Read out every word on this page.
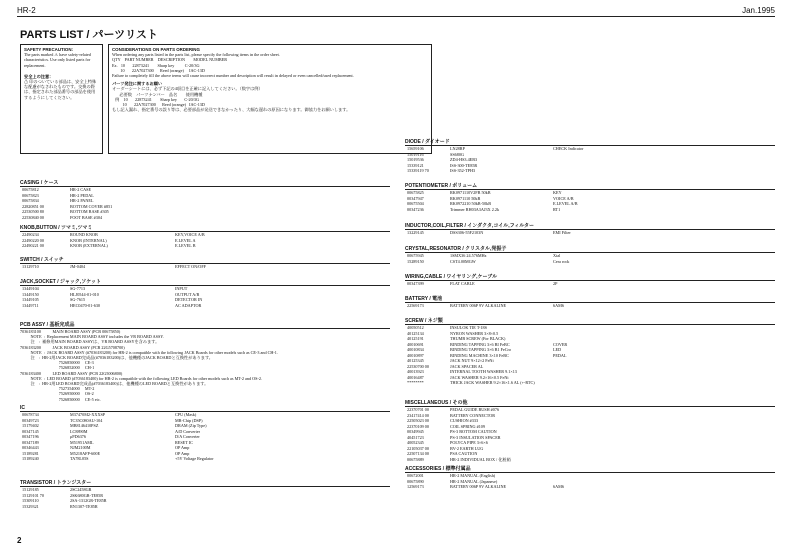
HR-2	Jan.1995
PARTS LIST / パーツリスト

SAFETY PRECAUTION:

The parts marked ⚠ have safety-related characteristics. Use only listed parts for replacement.

安全上の注意：

⚠ 印のついている部品は、安全上特殊な配慮がなされたものです。交換の際は、指定された部品番号の部品を使用するようにしてください。

CONSIDERATIONS ON PARTS ORDERING

When ordering any parts listed in the parts list, please specify the following items in the order sheet.

QTY    PART NUMBER    DESCRIPTION        MODEL NUMBER

Ex.   10       22873241        Sharp key          C-20/3G

10       22A7027300      Reed (orange)     IAC-13D

Failure to completely fill the above terms will cause incorrect number and description will result in delayed or even cancelled/used replacement.

パーツ発注に関するお願い

オーダーシートには、必ず下記の4項目を正確に記入してください。（数字は例）

必要数    パーツナンバー    品名        使用機種

例    10       22873241        Sharp key       C-20/3G

10       22A7027300      Reed (orange)   IAC-13D

もし記入漏れ、指定番号の誤り等は、必要部品が発送できなかったり、大幅な遅れの原因になります。御協力をお願いします。

CASING / ケース
00675812	HR-2 CASE
00675823	HR-2 PEDAL
00675834	HR-2 PANEL
22820851 00	BOTTOM COVER #851
22530500 80	BOTTOM BASE #305
22530840 00	FOOT BASE #304
KNOB,BUTTON / ツマミ,ツマミ
22490234	ROUND KNOB	KEY,VOICE A/B
22490220 00	KNOB (INTERNAL)	E.LEVEL A
22490221 00	KNOB (EXTERNAL)	E.LEVEL B
SWITCH / スイッチ
13129710	JM-0404	EFFECT ON/OFF
JACK,SOCKET / ジャック,ソケット
13449104	SG-7713	INPUT
13449150	HLJ0544-01-010	OUTPUT A/B
13449105	SG-7615	DETECTOR IN
13449711	HEC0470-01-630	AC ADAPTOR
PCB ASSY / 基板完成品
7036183100           MAIN BOARD ASSY (PCB 00675850)
NOTE  :  Replacement MAIN BOARD ASSY includes the VR BOARD ASSY.
注    :  補修用MAIN BOARD ASSYは、VR BOARD ASSYを含みます。
7036183200           JACK BOARD ASSY (PCB 22G5708700)
NOTE  :  JACK BOARD ASSY (#7036183200) for HR-2 is compatible with the following JACK Boards for other models such as CE-3 and CH-1.
注    :  HR-2用JACK BOARD完成品(#7036183200)は、他機種のJACK BOARDと互換性があります。
7526850000     CE-3
7526852000     CH-1
7036183400           LED BOARD ASSY (PCB 22G5006800)
NOTE  :  LED BOARD (#7036183400) for HR-2 is compatible with the following LED Boards for other models such as MT-2 and OS-2.
注    :  HR-2用LED BOARD完成品(#7036183400)は、他機種のLED BOARDと互換性があります。
7527354000     MT-2
7526950000     OS-2
7526850000     CE-5 etc.
IC
00678734	M37470M2-XXXSP	CPU (Mask)
00349723	TC35C080AU-104	MR-Chip (DSP)
15179402	MB8146410PSZ	DRAM (Zip Type)
00347145	LC8890M	A/D Converter
00347196	μPD6376	D/A Converter
00347189	M51951AML	RESET IC
00346443	NJM2100M	OP Amp
15189281	M5218AFP-600E	OP Amp
15189240	TA78L05S	+5V Voltage Regulator
TRANSISTOR / トランジスター
15129185	2SC2458GR
15129101 70	2SK680GR-TE85R
15309110	2SA-1312GR-TE85R
15329321	RN1307-TE85R
DIODE / ダイオード
15659106	LN28RP	CHECK Indicator
15019116	SS680G
15019536	ZD4-HS3.4EB3
15339121	ISS-300-TE85R
15339119 70	ISS-352-TPH3
POTENTIOMETER / ボリューム
00675825	RK0971110V2FB 50kB	KEY
00347947	RK0971110 50kB	VOICE A/B
00675504	RK0972210 50kB-50kB	E.LEVEL A/B
00347236	Trimmer RH03A3AJ3X 2.2k	RT1
INDUCTOR,COIL,FILTER / インダクタ,コイル,フィルター
13229145	DSS306-55F2103N	EMI Filter
CRYSTAL,RESONATOR / クリスタル,発振子
00675945	1SMX36 24.576MHz	Xtal
15289150	CST4.00MGW	Cera rock
WIRING,CABLE / ワイヤリング,ケーブル
00347399	FLAT CABLE	2P
BATTERY / 電池
22569173	BATTERY 006P 9V ALKALINE	6AM6
SCREW / ネジ類
40050512	INSULOK TIE T-18S
40125134	NYRON WASHER 3×8×0.5
40125191	THUMB SCREW (For BLACK)
40010691	BINDING TAPPING 3×6 BI FeBC	COVER
40010834	BINDING TAPPING 3×6 B1 FeCro	LED
40010897	BINDING MACHINE 3×10 FeBC	PEDAL
40125345	JACK NUT 9×12×2 FeNi
22530700 00	JACK SPACER AL
40013923	INTERNAL TOOTH WASHER 9.1×13
40016487	JACK WASHER 9.2×16×0.5 FeNi
********	THICK JACK WASHER 9.2×16×1.6 AL (+-RTC)
MISCELLANEOUS / その他
22370701 00	PEDAL GUIDE BUSH #076
23417414 00	BATTERY CONNECTOR
22505023 00	CUSHION #333
22370109 00	COIL SPRING #109
00349945	PS-3 BOTTOM CAUTION
40451723	PS-3 INSULATION SPACER
40052345	POLYCA PIPE 3×6×6
22105037 00	BV-2 EARTH LUG
22507134 00	PSA CAUTION
00675889	HR-2 INDIVIDUAL BOX / 化粧箱
ACCESSORIES / 標準付属品
00672001	HR-2 MANUAL (English)
00675890	HR-2 MANUAL (Japanese)
12569173	BATTERY 006P 9V ALKALINE	6AM6
2
